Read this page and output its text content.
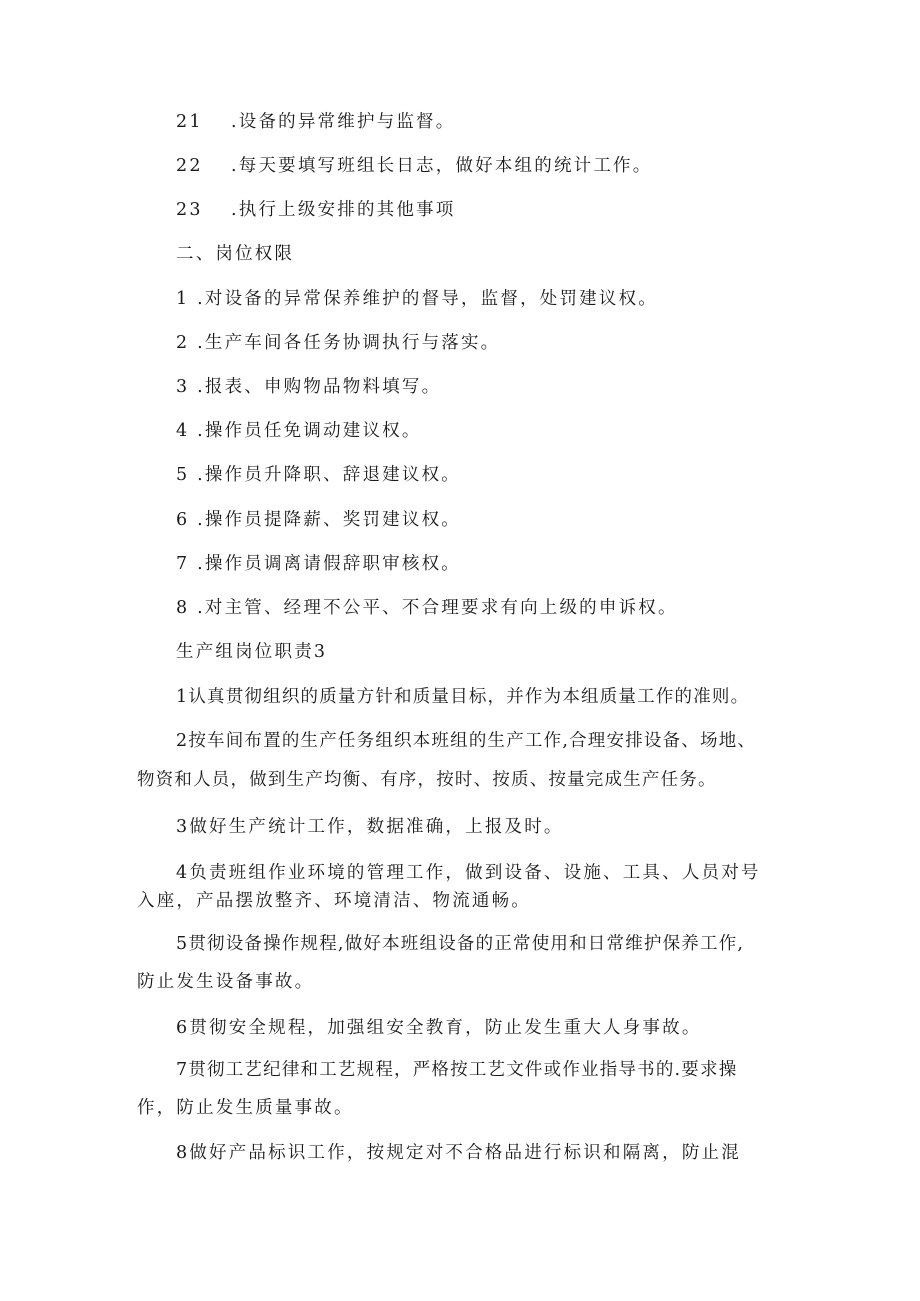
21 .设备的异常维护与监督。
22 .每天要填写班组长日志，做好本组的统计工作。
23 .执行上级安排的其他事项
二、岗位权限
1 .对设备的异常保养维护的督导，监督，处罚建议权。
2 .生产车间各任务协调执行与落实。
3 .报表、申购物品物料填写。
4 .操作员任免调动建议权。
5 .操作员升降职、辞退建议权。
6 .操作员提降薪、奖罚建议权。
7 .操作员调离请假辞职审核权。
8 .对主管、经理不公平、不合理要求有向上级的申诉权。
生产组岗位职责3
1认真贯彻组织的质量方针和质量目标，并作为本组质量工作的准则。
2按车间布置的生产任务组织本班组的生产工作,合理安排设备、场地、
物资和人员，做到生产均衡、有序，按时、按质、按量完成生产任务。
3做好生产统计工作，数据准确，上报及时。
4负责班组作业环境的管理工作，做到设备、设施、工具、人员对号
入座，产品摆放整齐、环境清洁、物流通畅。
5贯彻设备操作规程,做好本班组设备的正常使用和日常维护保养工作,
防止发生设备事故。
6贯彻安全规程，加强组安全教育，防止发生重大人身事故。
7贯彻工艺纪律和工艺规程，严格按工艺文件或作业指导书的.要求操
作，防止发生质量事故。
8做好产品标识工作，按规定对不合格品进行标识和隔离，防止混
